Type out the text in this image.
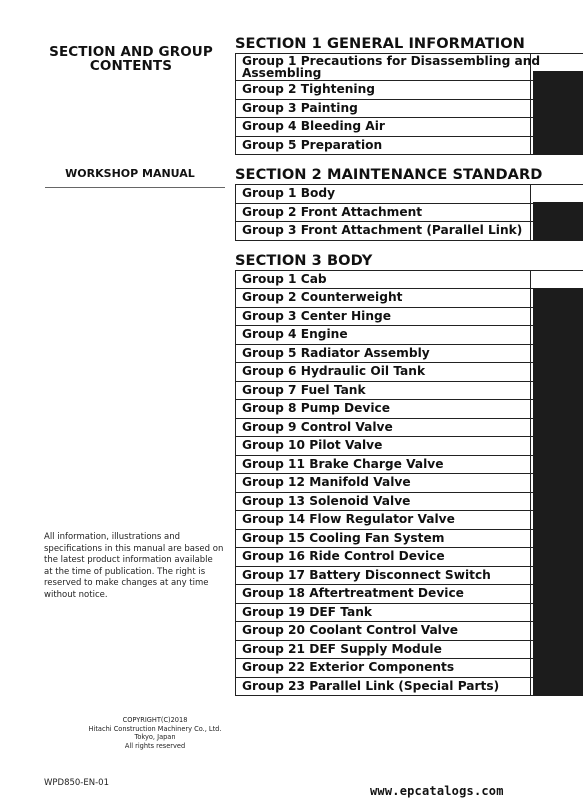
SECTION AND GROUP
CONTENTS
WORKSHOP MANUAL
All information, illustrations and
specifications in this manual are based on
the latest product information available
at the time of publication. The right is
reserved to make changes at any time
without notice.
COPYRIGHT(C)2018
Hitachi Construction Machinery Co., Ltd.
Tokyo, Japan
All rights reserved
WPD850-EN-01
www.epcatalogs.com
SECTION 1 GENERAL INFORMATION
Group 1 Precautions for Disassembling and
Assembling
Group 2 Tightening
Group 3 Painting
Group 4 Bleeding Air
Group 5 Preparation
SECTION 2 MAINTENANCE STANDARD
Group 1 Body
Group 2 Front Attachment
Group 3 Front Attachment (Parallel Link)
SECTION 3 BODY
Group 1 Cab
Group 2 Counterweight
Group 3 Center Hinge
Group 4 Engine
Group 5 Radiator Assembly
Group 6 Hydraulic Oil Tank
Group 7 Fuel Tank
Group 8 Pump Device
Group 9 Control Valve
Group 10 Pilot Valve
Group 11 Brake Charge Valve
Group 12 Manifold Valve
Group 13 Solenoid Valve
Group 14 Flow Regulator Valve
Group 15 Cooling Fan System
Group 16 Ride Control Device
Group 17 Battery Disconnect Switch
Group 18 Aftertreatment Device
Group 19 DEF Tank
Group 20 Coolant Control Valve
Group 21 DEF Supply Module
Group 22 Exterior Components
Group 23 Parallel Link (Special Parts)
